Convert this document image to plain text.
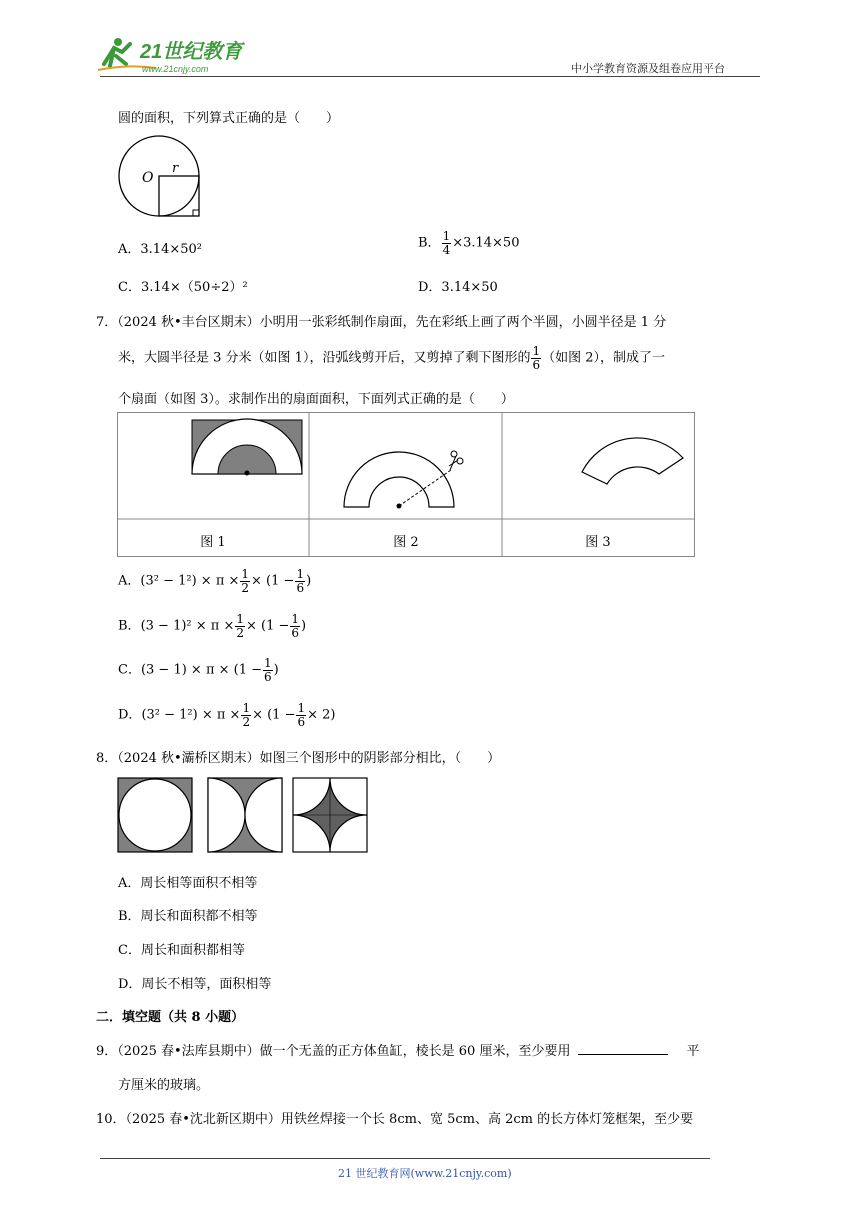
21世纪教育
www.21cnjy.com	中小学教育资源及组卷应用平台
圆的面积，下列算式正确的是（　　）
O
r
A．3.14×50²	B． $\frac{1}{4} \times 3.14\times 50$
C．3.14×（50÷2）²	D．3.14×50
7．（2024 秋•丰台区期末）小明用一张彩纸制作扇面，先在彩纸上画了两个半圆，小圆半径是 1 分
米，大圆半径是 3 分米（如图 1），沿弧线剪开后，又剪掉了剩下图形的 $\frac{1}{6}$ （如图 2），制成了一
个扇面（如图 3）。求制作出的扇面面积，下面列式正确的是（　　）
图 1	图 2	图 3
A．$(3^2 - 1^2) \times \pi \times \frac{1}{2} \times (1 - \frac{1}{6}$ )
B．$(3 - 1)^2 \times \pi \times \frac{1}{2} \times (1 - \frac{1}{6}$ )
C．$(3 - 1) \times \pi \times (1 - \frac{1}{6}$ )
D．$(3^2 - 1^2) \times \pi \times \frac{1}{2} \times (1 - \frac{1}{6} \times 2)$
8．（2024 秋•灞桥区期末）如图三个图形中的阴影部分相比，（　　）
A．周长相等面积不相等
B．周长和面积都不相等
C．周长和面积都相等
D．周长不相等，面积相等
二．填空题（共 8 小题）
9．（2025 春•法库县期中）做一个无盖的正方体鱼缸，棱长是 60 厘米，至少要用	平
方厘米的玻璃。
10．（2025 春•沈北新区期中）用铁丝焊接一个长 8cm、宽 5cm、高 2cm 的长方体灯笼框架，至少要
21 世纪教育网(www.21cnjy.com)
